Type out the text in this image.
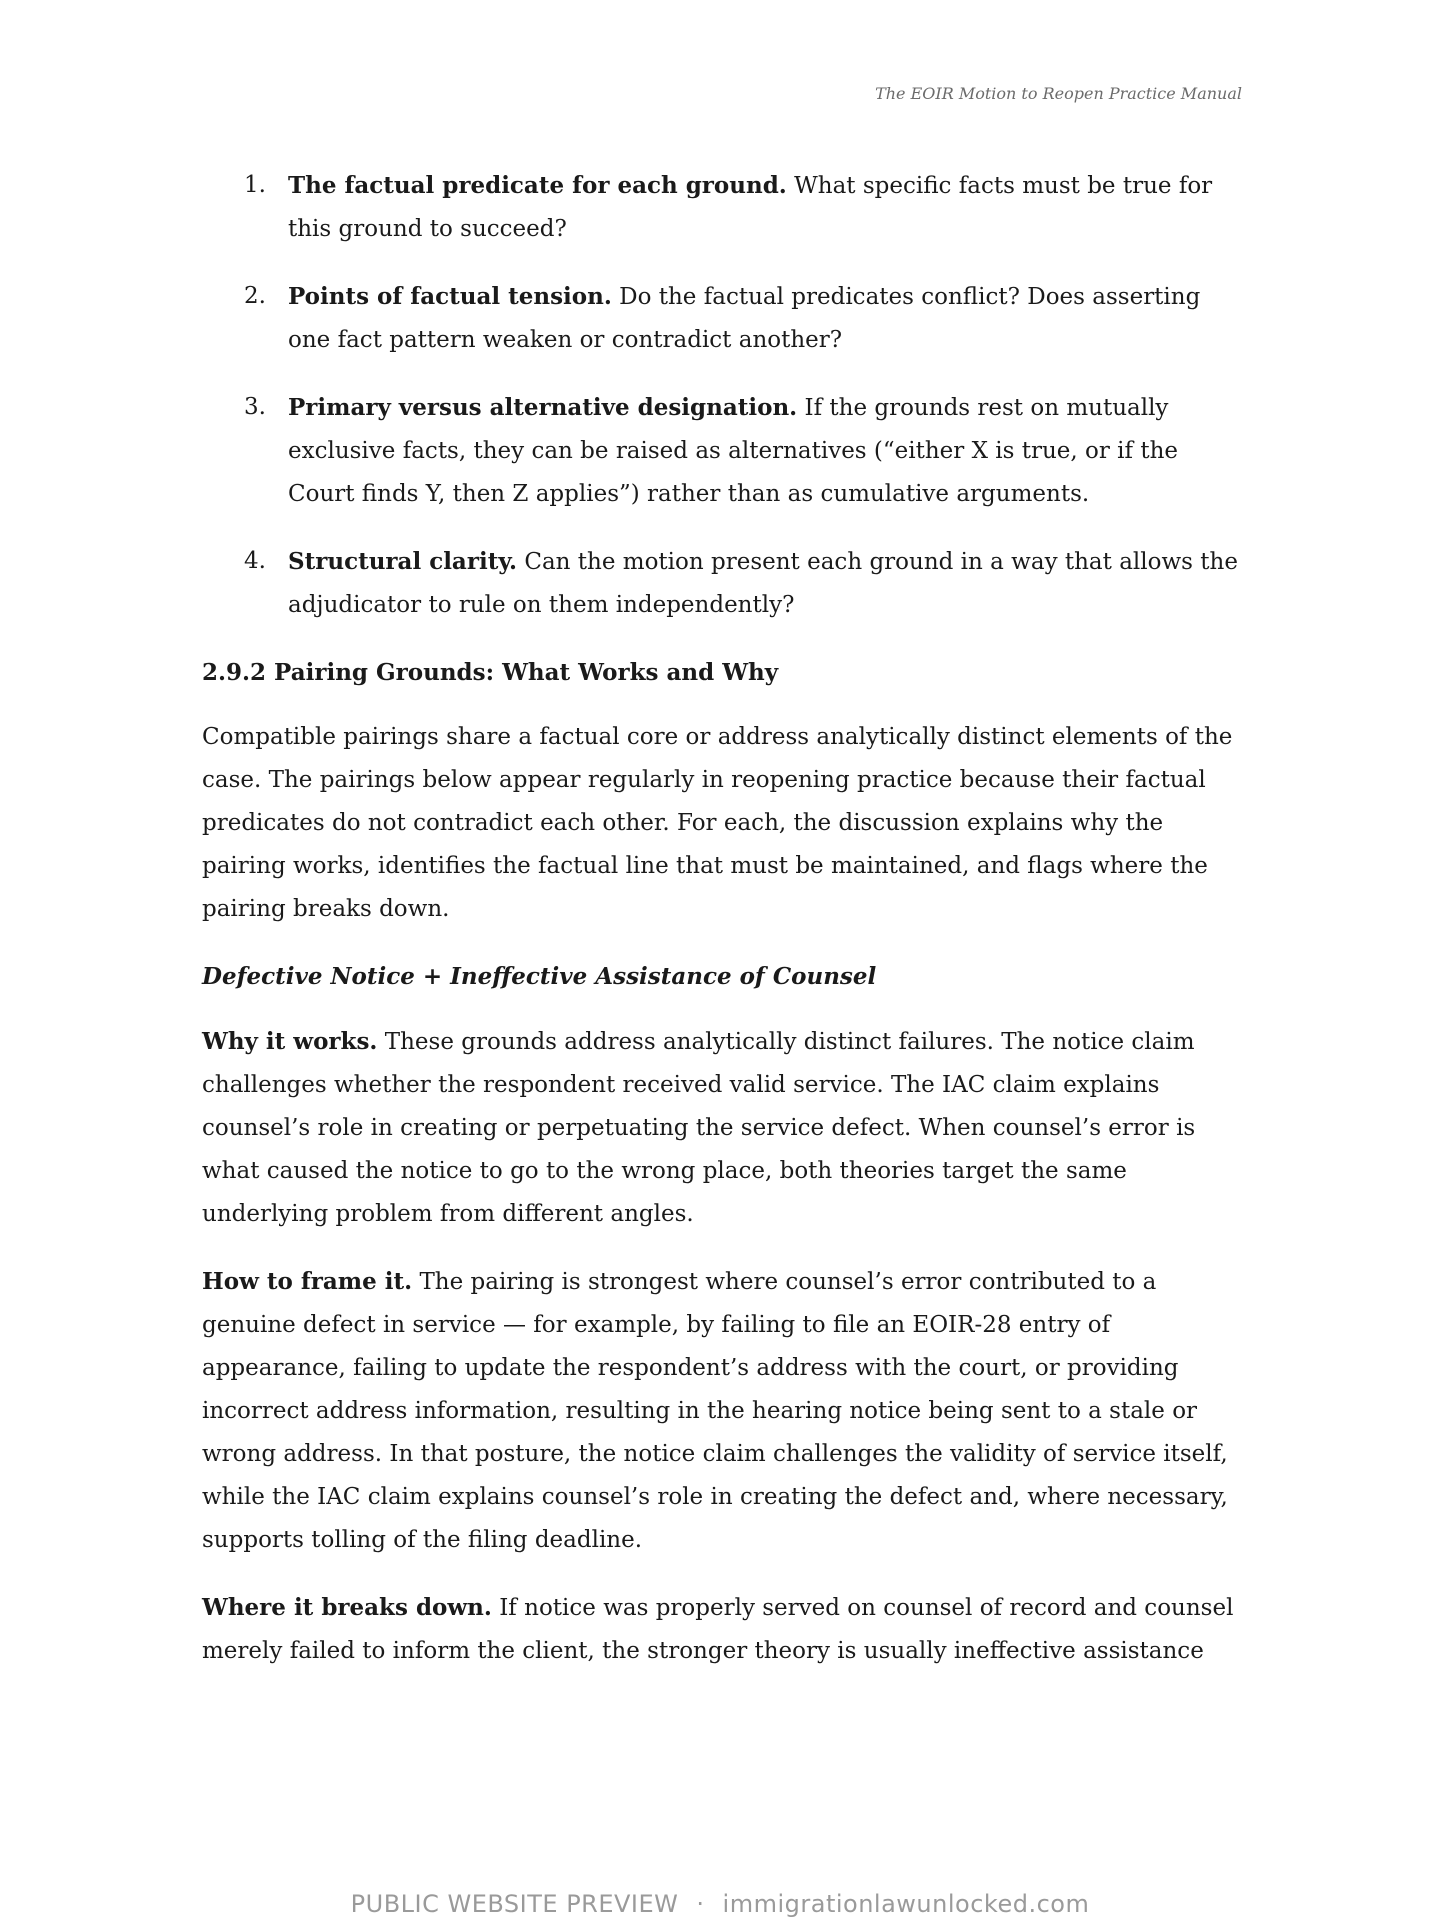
The EOIR Motion to Reopen Practice Manual
1. The factual predicate for each ground. What specific facts must be true for this ground to succeed?
2. Points of factual tension. Do the factual predicates conflict? Does asserting one fact pattern weaken or contradict another?
3. Primary versus alternative designation. If the grounds rest on mutually exclusive facts, they can be raised as alternatives (“either X is true, or if the Court finds Y, then Z applies”) rather than as cumulative arguments.
4. Structural clarity. Can the motion present each ground in a way that allows the adjudicator to rule on them independently?
2.9.2 Pairing Grounds: What Works and Why

Compatible pairings share a factual core or address analytically distinct elements of the case. The pairings below appear regularly in reopening practice because their factual predicates do not contradict each other. For each, the discussion explains why the pairing works, identifies the factual line that must be maintained, and flags where the pairing breaks down.

Defective Notice + Ineffective Assistance of Counsel

Why it works. These grounds address analytically distinct failures. The notice claim challenges whether the respondent received valid service. The IAC claim explains counsel’s role in creating or perpetuating the service defect. When counsel’s error is what caused the notice to go to the wrong place, both theories target the same underlying problem from different angles.

How to frame it. The pairing is strongest where counsel’s error contributed to a genuine defect in service — for example, by failing to file an EOIR-28 entry of appearance, failing to update the respondent’s address with the court, or providing incorrect address information, resulting in the hearing notice being sent to a stale or wrong address. In that posture, the notice claim challenges the validity of service itself, while the IAC claim explains counsel’s role in creating the defect and, where necessary, supports tolling of the filing deadline.

Where it breaks down. If notice was properly served on counsel of record and counsel merely failed to inform the client, the stronger theory is usually ineffective assistance

PUBLIC WEBSITE PREVIEW · immigrationlawunlocked.com
